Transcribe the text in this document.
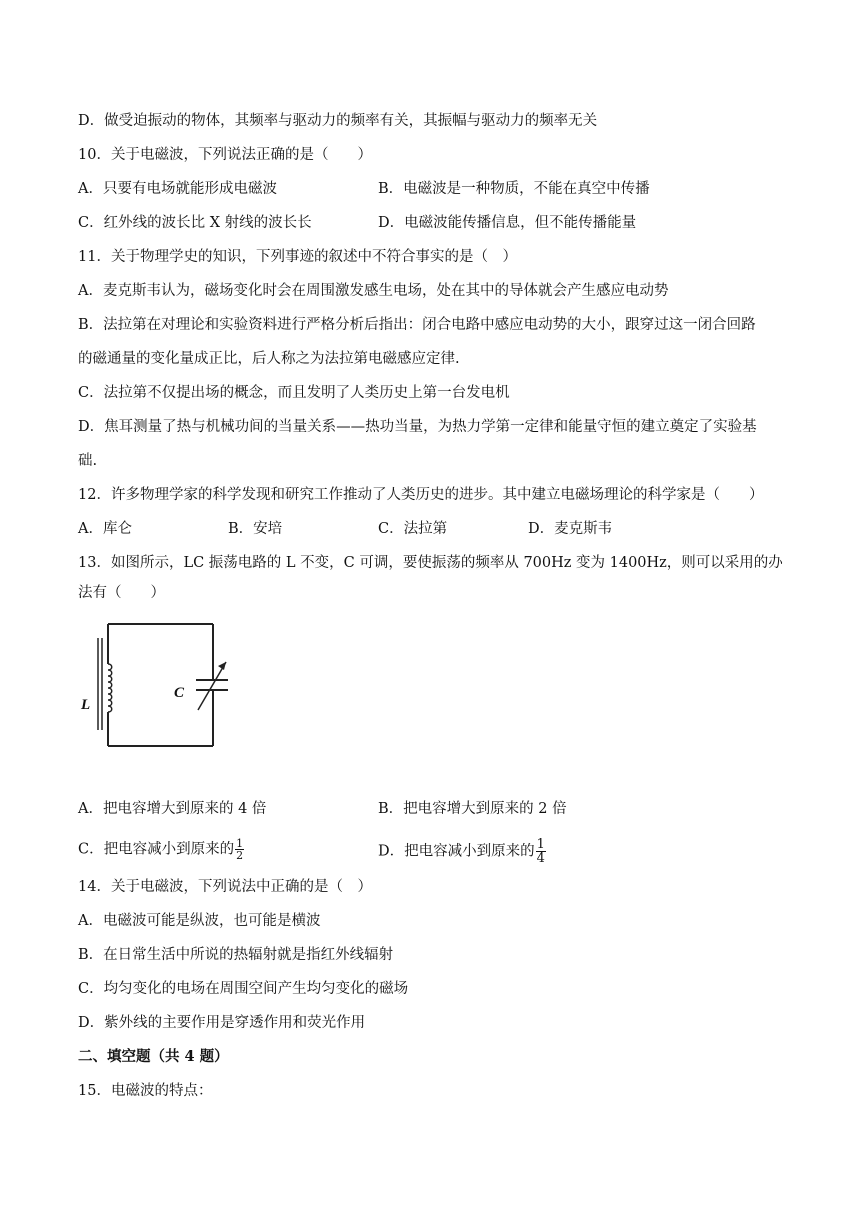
D．做受迫振动的物体，其频率与驱动力的频率有关，其振幅与驱动力的频率无关
10．关于电磁波，下列说法正确的是（　　）
A．只要有电场就能形成电磁波	B．电磁波是一种物质，不能在真空中传播
C．红外线的波长比 X 射线的波长长	D．电磁波能传播信息，但不能传播能量
11．关于物理学史的知识，下列事迹的叙述中不符合事实的是（　）
A．麦克斯韦认为，磁场变化时会在周围激发感生电场，处在其中的导体就会产生感应电动势
B．法拉第在对理论和实验资料进行严格分析后指出：闭合电路中感应电动势的大小，跟穿过这一闭合回路
的磁通量的变化量成正比，后人称之为法拉第电磁感应定律.
C．法拉第不仅提出场的概念，而且发明了人类历史上第一台发电机
D．焦耳测量了热与机械功间的当量关系——热功当量，为热力学第一定律和能量守恒的建立奠定了实验基
础.
12．许多物理学家的科学发现和研究工作推动了人类历史的进步。其中建立电磁场理论的科学家是（　　）
A．库仑	B．安培	C．法拉第	D．麦克斯韦
13．如图所示，LC 振荡电路的 L 不变，C 可调，要使振荡的频率从 700Hz 变为 1400Hz，则可以采用的办
法有（　　）
L
C
A．把电容增大到原来的 4 倍	B．把电容增大到原来的 2 倍
C．把电容减小到原来的 $\frac{1}{2}$	D．把电容减小到原来的 $\frac{1}{4}$
14．关于电磁波，下列说法中正确的是（　）
A．电磁波可能是纵波，也可能是横波
B．在日常生活中所说的热辐射就是指红外线辐射
C．均匀变化的电场在周围空间产生均匀变化的磁场
D．紫外线的主要作用是穿透作用和荧光作用
二、填空题（共 4 题）
15．电磁波的特点：
